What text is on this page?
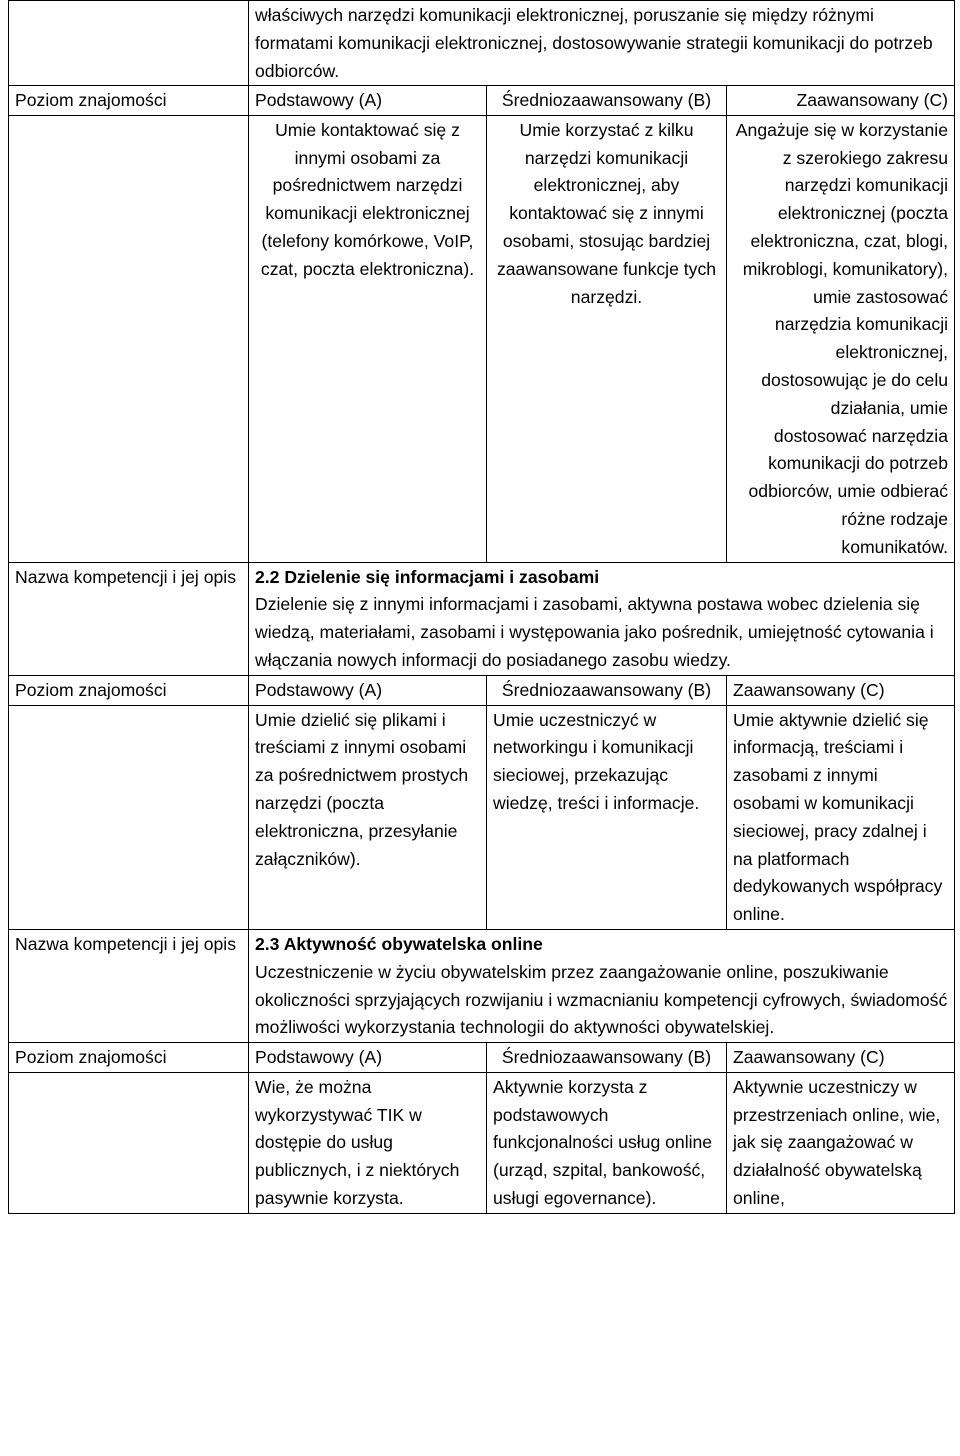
	właściwych narzędzi komunikacji elektronicznej, poruszanie się między różnymi formatami komunikacji elektronicznej, dostosowywanie strategii komunikacji do potrzeb odbiorców.		

Poziom znajomości	Podstawowy (A)	Średniozaawansowany (B)	Zaawansowany (C)
	Umie kontaktować się z innymi osobami za pośrednictwem narzędzi komunikacji elektronicznej (telefony komórkowe, VoIP, czat, poczta elektroniczna).	Umie korzystać z kilku narzędzi komunikacji elektronicznej, aby kontaktować się z innymi osobami, stosując bardziej zaawansowane funkcje tych narzędzi.	Angażuje się w korzystanie z szerokiego zakresu narzędzi komunikacji elektronicznej (poczta elektroniczna, czat, blogi, mikroblogi, komunikatory), umie zastosować narzędzia komunikacji elektronicznej, dostosowując je do celu działania, umie dostosować narzędzia komunikacji do potrzeb odbiorców, umie odbierać różne rodzaje komunikatów.
Nazwa kompetencji i jej opis	2.2 Dzielenie się informacjami i zasobami

Dzielenie się z innymi informacjami i zasobami, aktywna postawa wobec dzielenia się wiedzą, materiałami, zasobami i występowania jako pośrednik, umiejętność cytowania i włączania nowych informacji do posiadanego zasobu wiedzy.		

Poziom znajomości	Podstawowy (A)	Średniozaawansowany (B)	Zaawansowany (C)
	Umie dzielić się plikami i treściami z innymi osobami za pośrednictwem prostych narzędzi (poczta elektroniczna, przesyłanie załączników).	Umie uczestniczyć w networkingu i komunikacji sieciowej, przekazując wiedzę, treści i informacje.	Umie aktywnie dzielić się informacją, treściami i zasobami z innymi osobami w komunikacji sieciowej, pracy zdalnej i na platformach dedykowanych współpracy online.
Nazwa kompetencji i jej opis	2.3 Aktywność obywatelska online

Uczestniczenie w życiu obywatelskim przez zaangażowanie online, poszukiwanie okoliczności sprzyjających rozwijaniu i wzmacnianiu kompetencji cyfrowych, świadomość możliwości wykorzystania technologii do aktywności obywatelskiej.		

Poziom znajomości	Podstawowy (A)	Średniozaawansowany (B)	Zaawansowany (C)
	Wie, że można wykorzystywać TIK w dostępie do usług publicznych, i z niektórych pasywnie korzysta.	Aktywnie korzysta z podstawowych funkcjonalności usług online (urząd, szpital, bankowość, usługi egovernance).	Aktywnie uczestniczy w przestrzeniach online, wie, jak się zaangażować w działalność obywatelską online,
